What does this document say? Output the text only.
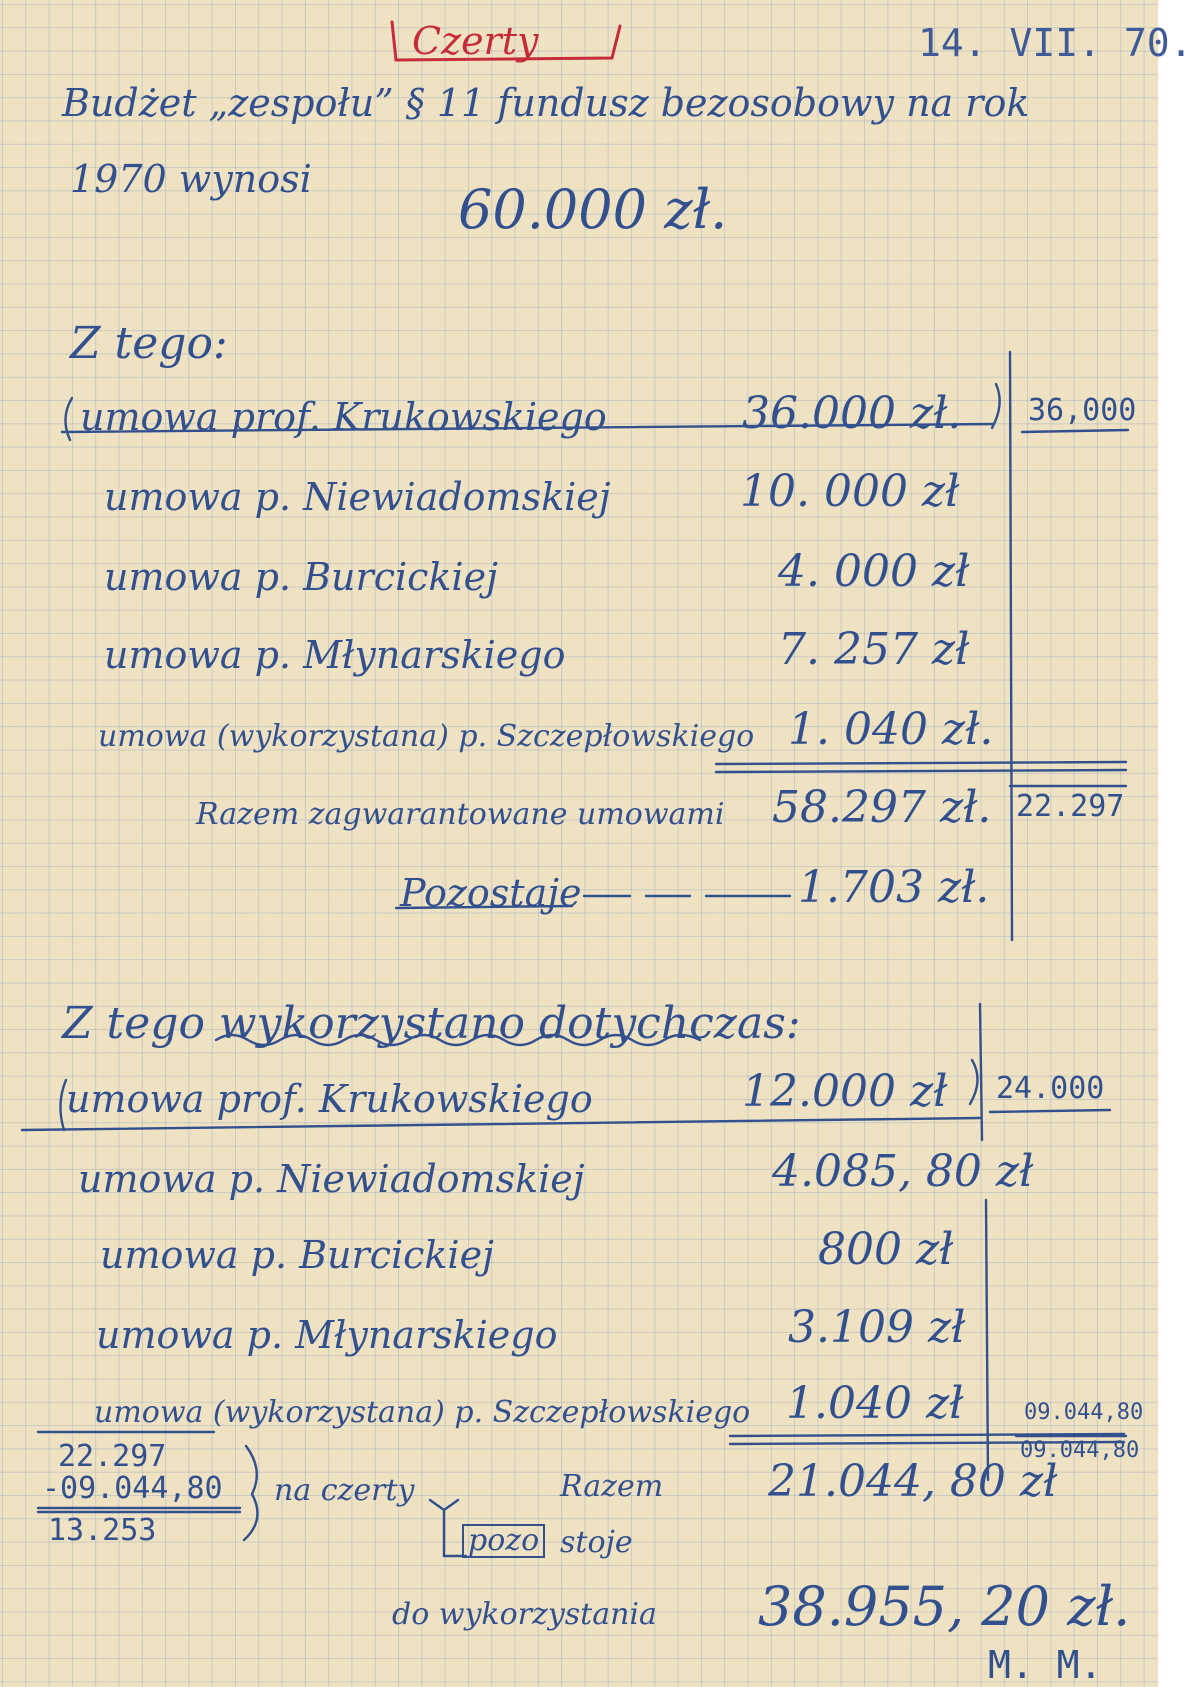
Czerty	14. VII. 70.
Budżet „zespołu” § 11 fundusz bezosobowy na rok
1970 wynosi	60.000 zł.
Z tego:
umowa prof. Krukowskiego	36.000 zł.
umowa p. Niewiadomskiej	10. 000 zł
umowa p. Burcickiej	4. 000 zł
umowa p. Młynarskiego	7. 257 zł
umowa (wykorzystana) p. Szczepłowskiego 1. 040 zł.
Razem zagwarantowane umowami 58.297 zł.
Pozostaje	1.703 zł.
36,000
22.297
Z tego wykorzystano dotychczas:
umowa prof. Krukowskiego	12.000 zł
umowa p. Niewiadomskiej	4.085, 80 zł
umowa p. Burcickiej	800 zł
umowa p. Młynarskiego	3.109 zł
umowa (wykorzystana) p. Szczepłowskiego 1.040 zł
Razem 21.044, 80 zł
pozo stoje
do wykorzystania 38.955, 20 zł.
M. M.
24.000
09.044,80
09.044,80
22.297
-09.044,80
13.253
na czerty
